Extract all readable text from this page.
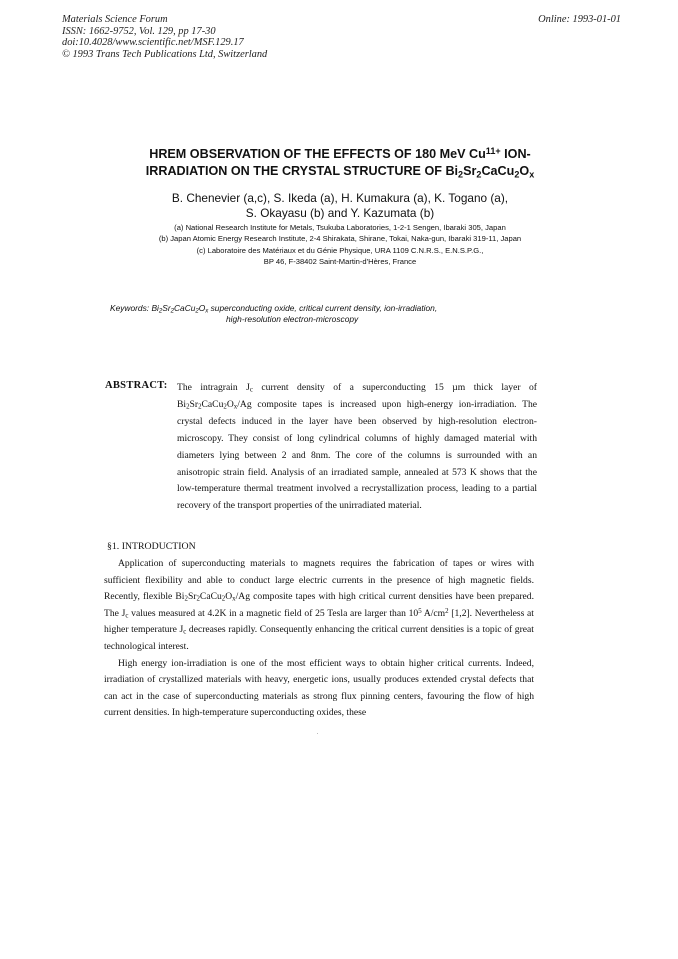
Materials Science Forum
ISSN: 1662-9752, Vol. 129, pp 17-30
doi:10.4028/www.scientific.net/MSF.129.17
© 1993 Trans Tech Publications Ltd, Switzerland
Online: 1993-01-01
HREM OBSERVATION OF THE EFFECTS OF 180 MeV $Cu^{11+}$ ION-
IRRADIATION ON THE CRYSTAL STRUCTURE OF $Bi_2Sr_2CaCu_2O_x$
B. Chenevier (a,c), S. Ikeda (a), H. Kumakura (a), K. Togano (a),
S. Okayasu (b) and Y. Kazumata (b)
(a) National Research Institute for Metals, Tsukuba Laboratories, 1-2-1 Sengen, Ibaraki 305, Japan
(b) Japan Atomic Energy Research Institute, 2-4 Shirakata, Shirane, Tokai, Naka-gun, Ibaraki 319-11, Japan
(c) Laboratoire des Matériaux et du Génie Physique, URA 1109 C.N.R.S., E.N.S.P.G.,
BP 46, F-38402 Saint-Martin-d'Hères, France
Keywords: $Bi_2Sr_2CaCu_2O_x$ superconducting oxide, critical current density, ion-irradiation,
high-resolution electron-microscopy
ABSTRACT: The intragrain $J_c$ current density of a superconducting 15 µm thick layer of $Bi_2Sr_2CaCu_2O_x/Ag$ composite tapes is increased upon high-energy ion-irradiation. The crystal defects induced in the layer have been observed by high-resolution electron-microscopy. They consist of long cylindrical columns of highly damaged material with diameters lying between 2 and 8nm. The core of the columns is surrounded with an anisotropic strain field. Analysis of an irradiated sample, annealed at 573 K shows that the low-temperature thermal treatment involved a recrystallization process, leading to a partial recovery of the transport properties of the unirradiated material.
§1. INTRODUCTION

Application of superconducting materials to magnets requires the fabrication of tapes or wires with sufficient flexibility and able to conduct large electric currents in the presence of high magnetic fields. Recently, flexible $Bi_2Sr_2CaCu_2O_x/Ag$ composite tapes with high critical current densities have been prepared. The $J_c$ values measured at 4.2K in a magnetic field of 25 Tesla are larger than $10^5$ $A/cm^2$ [1,2]. Nevertheless at higher temperature $J_c$ decreases rapidly. Consequently enhancing the critical current densities is a topic of great technological interest.

High energy ion-irradiation is one of the most efficient ways to obtain higher critical currents. Indeed, irradiation of crystallized materials with heavy, energetic ions, usually produces extended crystal defects that can act in the case of superconducting materials as strong flux pinning centers, favouring the flow of high current densities. In high-temperature superconducting oxides, these
